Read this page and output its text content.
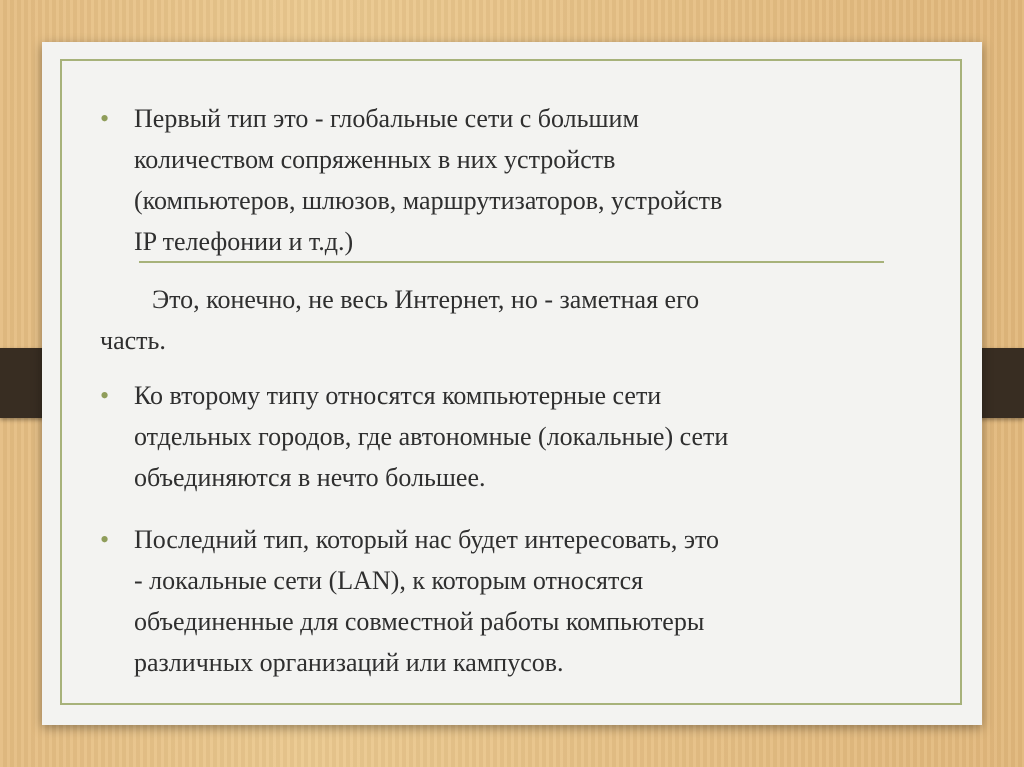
• Первый тип это - глобальные сети с большим
количеством сопряженных в них устройств
(компьютеров, шлюзов, маршрутизаторов, устройств
IP телефонии и т.д.)
Это, конечно, не весь Интернет, но - заметная его
часть.
• Ко второму типу относятся компьютерные сети
отдельных городов, где автономные (локальные) сети
объединяются в нечто большее.
• Последний тип, который нас будет интересовать, это
- локальные сети (LAN), к которым относятся
объединенные для совместной работы компьютеры
различных организаций или кампусов.
